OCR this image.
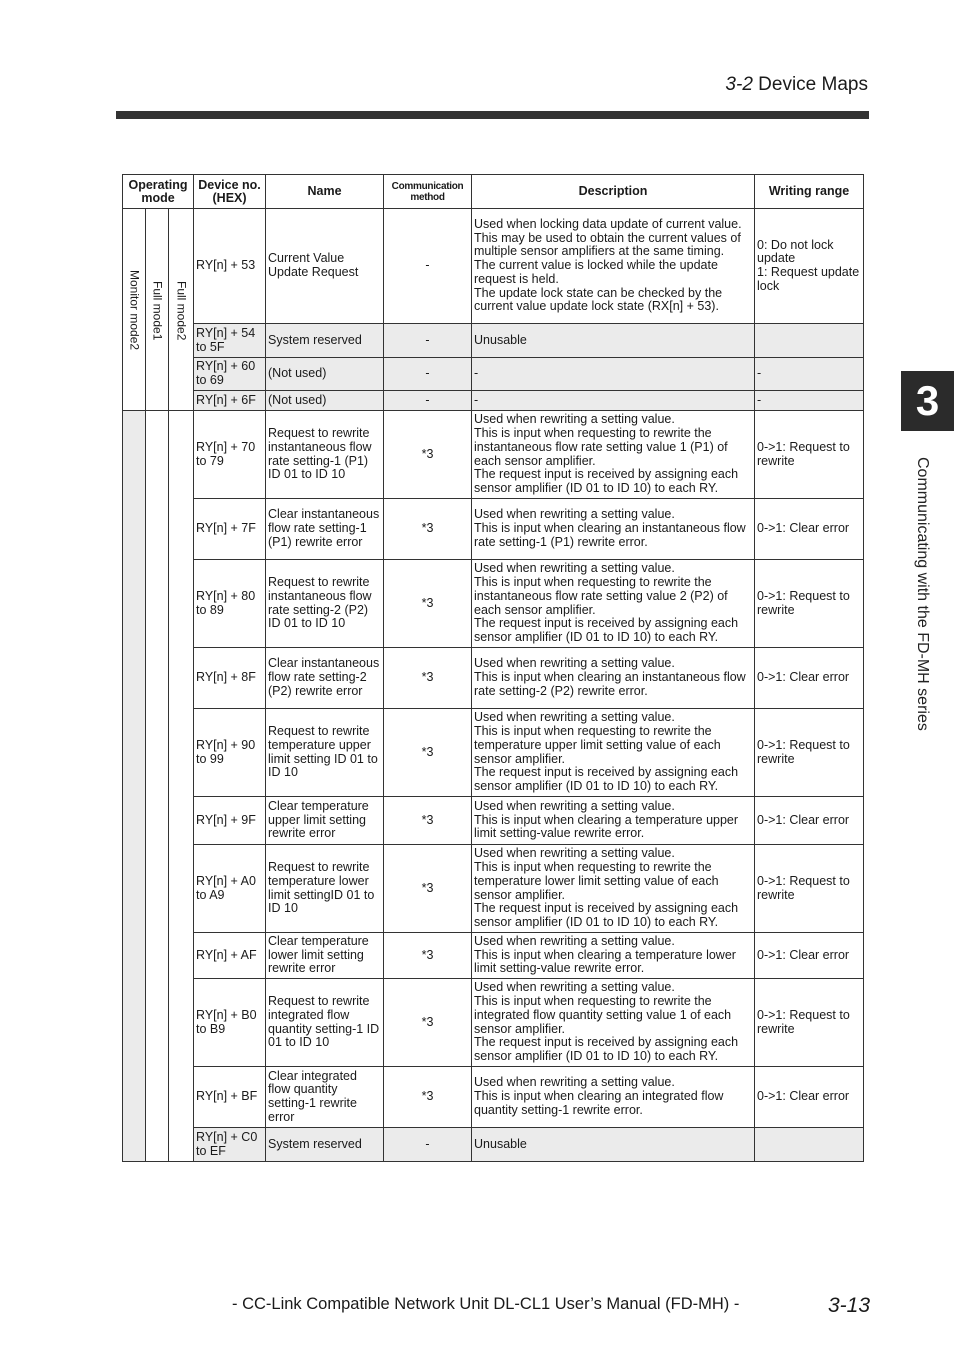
3-2 Device Maps
3
Communicating with the FD-MH series
Operating mode			Device no. (HEX)	Name	Communication method	Description	Writing range

Monitor mode2	Full mode1	Full mode2	RY[n] + 53	Current Value Update Request	-	Used when locking data update of current value. This may be used to obtain the current values of multiple sensor amplifiers at the same timing.
The current value is locked while the update request is held.
The update lock state can be checked by the current value update lock state (RX[n] + 53).	0: Do not lock update
1: Request update lock
			RY[n] + 54 to 5F	System reserved	-	Unusable	
			RY[n] + 60 to 69	(Not used)	-	-	-
			RY[n] + 6F	(Not used)	-	-	-
			RY[n] + 70 to 79	Request to rewrite instantaneous flow rate setting-1 (P1) ID 01 to ID 10	*3	Used when rewriting a setting value.
This is input when requesting to rewrite the instantaneous flow rate setting value 1 (P1) of each sensor amplifier.
The request input is received by assigning each sensor amplifier (ID 01 to ID 10) to each RY.	0->1: Request to rewrite
			RY[n] + 7F	Clear instantaneous flow rate setting-1 (P1) rewrite error	*3	Used when rewriting a setting value.
This is input when clearing an instantaneous flow rate setting-1 (P1) rewrite error.	0->1: Clear error
			RY[n] + 80 to 89	Request to rewrite instantaneous flow rate setting-2 (P2) ID 01 to ID 10	*3	Used when rewriting a setting value.
This is input when requesting to rewrite the instantaneous flow rate setting value 2 (P2) of each sensor amplifier.
The request input is received by assigning each sensor amplifier (ID 01 to ID 10) to each RY.	0->1: Request to rewrite
			RY[n] + 8F	Clear instantaneous flow rate setting-2 (P2) rewrite error	*3	Used when rewriting a setting value.
This is input when clearing an instantaneous flow rate setting-2 (P2) rewrite error.	0->1: Clear error
			RY[n] + 90 to 99	Request to rewrite temperature upper limit setting ID 01 to ID 10	*3	Used when rewriting a setting value.
This is input when requesting to rewrite the temperature upper limit setting value of each sensor amplifier.
The request input is received by assigning each sensor amplifier (ID 01 to ID 10) to each RY.	0->1: Request to rewrite
			RY[n] + 9F	Clear temperature upper limit setting rewrite error	*3	Used when rewriting a setting value.
This is input when clearing a temperature upper limit setting-value rewrite error.	0->1: Clear error
			RY[n] + A0 to A9	Request to rewrite temperature lower limit settingID 01 to ID 10	*3	Used when rewriting a setting value.
This is input when requesting to rewrite the temperature lower limit setting value of each sensor amplifier.
The request input is received by assigning each sensor amplifier (ID 01 to ID 10) to each RY.	0->1: Request to rewrite
			RY[n] + AF	Clear temperature lower limit setting rewrite error	*3	Used when rewriting a setting value.
This is input when clearing a temperature lower limit setting-value rewrite error.	0->1: Clear error
			RY[n] + B0 to B9	Request to rewrite integrated flow quantity setting-1 ID 01 to ID 10	*3	Used when rewriting a setting value.
This is input when requesting to rewrite the integrated flow quantity setting value 1 of each sensor amplifier.
The request input is received by assigning each sensor amplifier (ID 01 to ID 10) to each RY.	0->1: Request to rewrite
			RY[n] + BF	Clear integrated flow quantity setting-1 rewrite error	*3	Used when rewriting a setting value.
This is input when clearing an integrated flow quantity setting-1 rewrite error.	0->1: Clear error
			RY[n] + C0 to EF	System reserved	-	Unusable	
- CC-Link Compatible Network Unit DL-CL1 User’s Manual (FD-MH) -	3-13
